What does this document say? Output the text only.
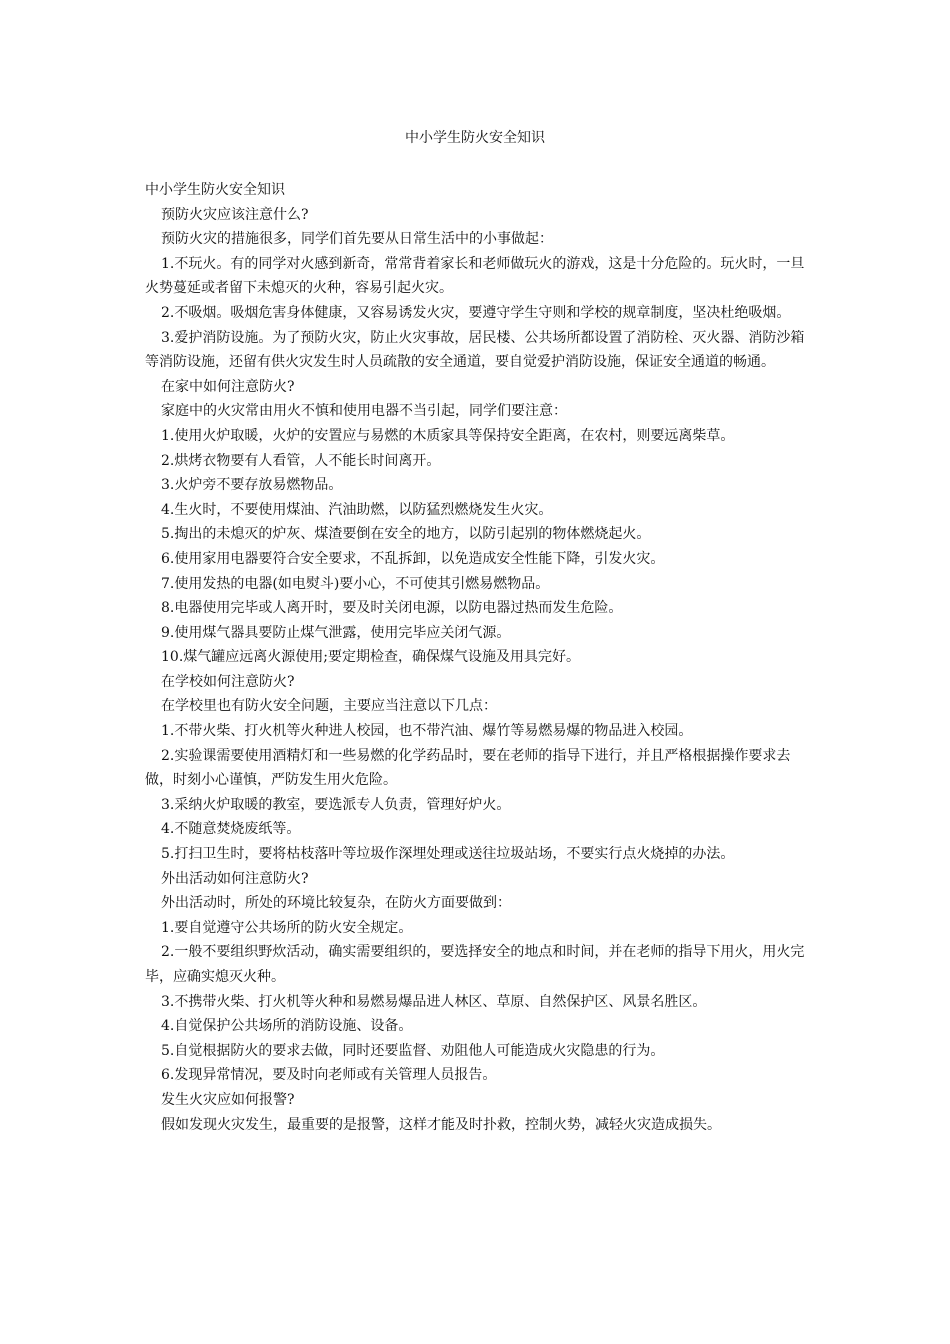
中小学生防火安全知识

中小学生防火安全知识

预防火灾应该注意什么?

预防火灾的措施很多，同学们首先要从日常生活中的小事做起：

1.不玩火。有的同学对火感到新奇，常常背着家长和老师做玩火的游戏，这是十分危险的。玩火时，一旦火势蔓延或者留下未熄灭的火种，容易引起火灾。

2.不吸烟。吸烟危害身体健康，又容易诱发火灾，要遵守学生守则和学校的规章制度，坚决杜绝吸烟。

3.爱护消防设施。为了预防火灾，防止火灾事故，居民楼、公共场所都设置了消防栓、灭火器、消防沙箱等消防设施，还留有供火灾发生时人员疏散的安全通道，要自觉爱护消防设施，保证安全通道的畅通。

在家中如何注意防火?

家庭中的火灾常由用火不慎和使用电器不当引起，同学们要注意：

1.使用火炉取暖，火炉的安置应与易燃的木质家具等保持安全距离，在农村，则要远离柴草。

2.烘烤衣物要有人看管，人不能长时间离开。

3.火炉旁不要存放易燃物品。

4.生火时，不要使用煤油、汽油助燃，以防猛烈燃烧发生火灾。

5.掏出的未熄灭的炉灰、煤渣要倒在安全的地方，以防引起别的物体燃烧起火。

6.使用家用电器要符合安全要求，不乱拆卸，以免造成安全性能下降，引发火灾。

7.使用发热的电器(如电熨斗)要小心，不可使其引燃易燃物品。

8.电器使用完毕或人离开时，要及时关闭电源，以防电器过热而发生危险。

9.使用煤气器具要防止煤气泄露，使用完毕应关闭气源。

10.煤气罐应远离火源使用;要定期检查，确保煤气设施及用具完好。

在学校如何注意防火?

在学校里也有防火安全问题，主要应当注意以下几点：

1.不带火柴、打火机等火种进人校园，也不带汽油、爆竹等易燃易爆的物品进入校园。

2.实验课需要使用酒精灯和一些易燃的化学药品时，要在老师的指导下进行，并且严格根据操作要求去做，时刻小心谨慎，严防发生用火危险。

3.采纳火炉取暖的教室，要选派专人负责，管理好炉火。

4.不随意焚烧废纸等。

5.打扫卫生时，要将枯枝落叶等垃圾作深埋处理或送往垃圾站场，不要实行点火烧掉的办法。

外出活动如何注意防火?

外出活动时，所处的环境比较复杂，在防火方面要做到：

1.要自觉遵守公共场所的防火安全规定。

2.一般不要组织野炊活动，确实需要组织的，要选择安全的地点和时间，并在老师的指导下用火，用火完毕，应确实熄灭火种。

3.不携带火柴、打火机等火种和易燃易爆品进人林区、草原、自然保护区、风景名胜区。

4.自觉保护公共场所的消防设施、设备。

5.自觉根据防火的要求去做，同时还要监督、劝阻他人可能造成火灾隐患的行为。

6.发现异常情况，要及时向老师或有关管理人员报告。

发生火灾应如何报警?

假如发现火灾发生，最重要的是报警，这样才能及时扑救，控制火势，减轻火灾造成损失。
